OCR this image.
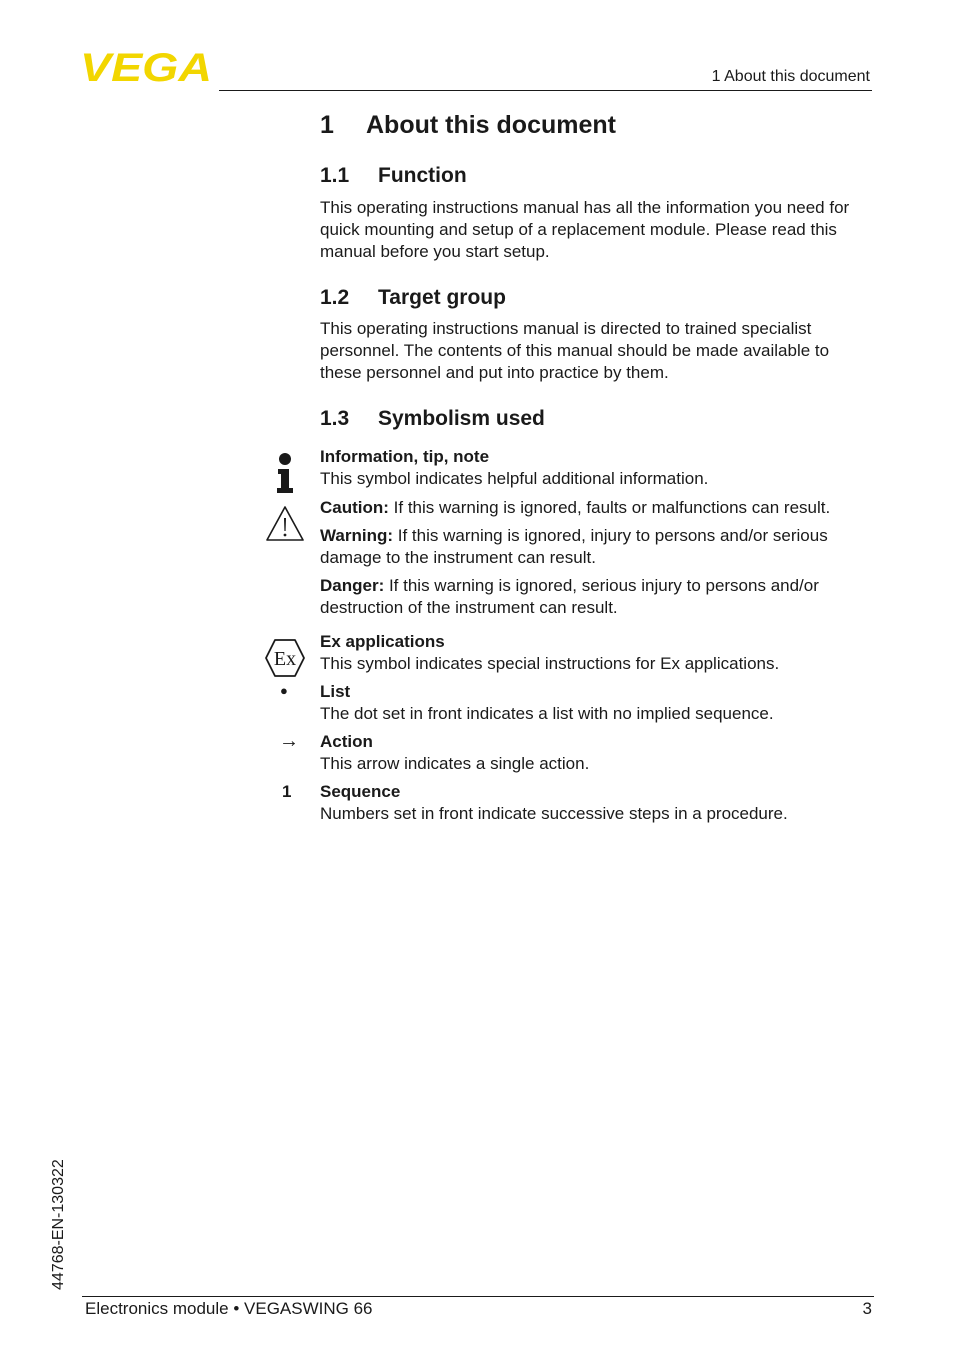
VEGA	1 About this document
1 About this document
1.1 Function
This operating instructions manual has all the information you need for quick mounting and setup of a replacement module. Please read this manual before you start setup.
1.2 Target group
This operating instructions manual is directed to trained specialist personnel. The contents of this manual should be made available to these personnel and put into practice by them.
1.3 Symbolism used
Information, tip, note
This symbol indicates helpful additional information.
Caution: If this warning is ignored, faults or malfunctions can result.
Warning: If this warning is ignored, injury to persons and/or serious damage to the instrument can result.
Danger: If this warning is ignored, serious injury to persons and/or destruction of the instrument can result.
Ex
Ex applications
This symbol indicates special instructions for Ex applications.
● List
The dot set in front indicates a list with no implied sequence.
→ Action
This arrow indicates a single action.
1 Sequence
Numbers set in front indicate successive steps in a procedure.
44768-EN-130322
Electronics module • VEGASWING 66	3
